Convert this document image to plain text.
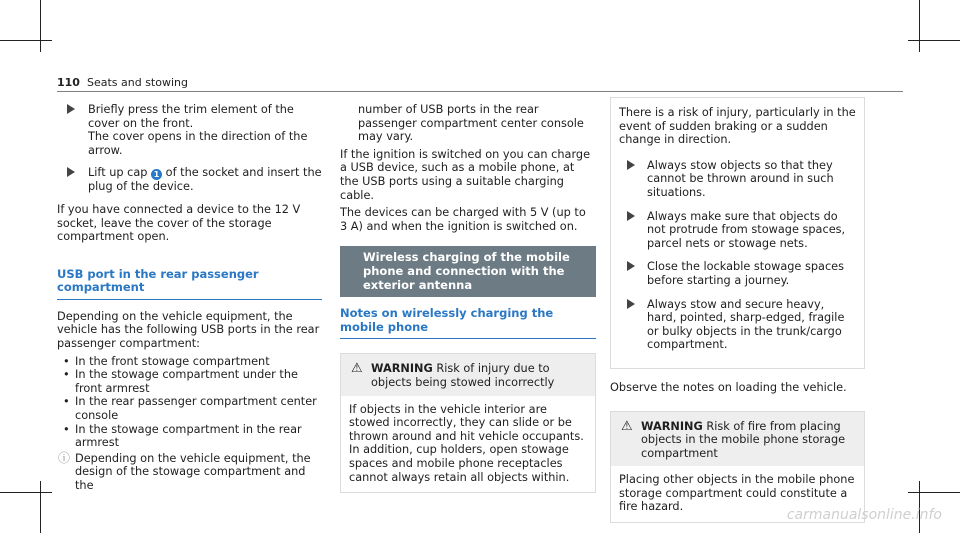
110 Seats and stowing
Briefly press the trim element of the cover on the front.
The cover opens in the direction of the arrow.
Lift up cap 1 of the socket and insert the plug of the device.

If you have connected a device to the 12 V socket, leave the cover of the storage compartment open.

USB port in the rear passenger compartment

Depending on the vehicle equipment, the vehicle has the following USB ports in the rear passenger compartment:

• In the front stowage compartment
• In the stowage compartment under the front armrest
• In the rear passenger compartment center console
• In the stowage compartment in the rear armrest
ⓘ Depending on the vehicle equipment, the design of the stowage compartment and the

number of USB ports in the rear passenger compartment center console may vary.

If the ignition is switched on you can charge a USB device, such as a mobile phone, at the USB ports using a suitable charging cable.

The devices can be charged with 5 V (up to 3 A) and when the ignition is switched on.

Wireless charging of the mobile phone and connection with the exterior antenna
Notes on wirelessly charging the mobile phone
⚠ WARNING Risk of injury due to objects being stowed incorrectly
If objects in the vehicle interior are stowed incorrectly, they can slide or be thrown around and hit vehicle occupants. In addition, cup holders, open stowage spaces and mobile phone receptacles cannot always retain all objects within.

There is a risk of injury, particularly in the event of sudden braking or a sudden change in direction.

Always stow objects so that they cannot be thrown around in such situations.
Always make sure that objects do not protrude from stowage spaces, parcel nets or stowage nets.
Close the lockable stowage spaces before starting a journey.
Always stow and secure heavy, hard, pointed, sharp-edged, fragile or bulky objects in the trunk/cargo compartment.

Observe the notes on loading the vehicle.

⚠ WARNING Risk of fire from placing objects in the mobile phone storage compartment
Placing other objects in the mobile phone storage compartment could constitute a fire hazard.
carmanualsonline.info
